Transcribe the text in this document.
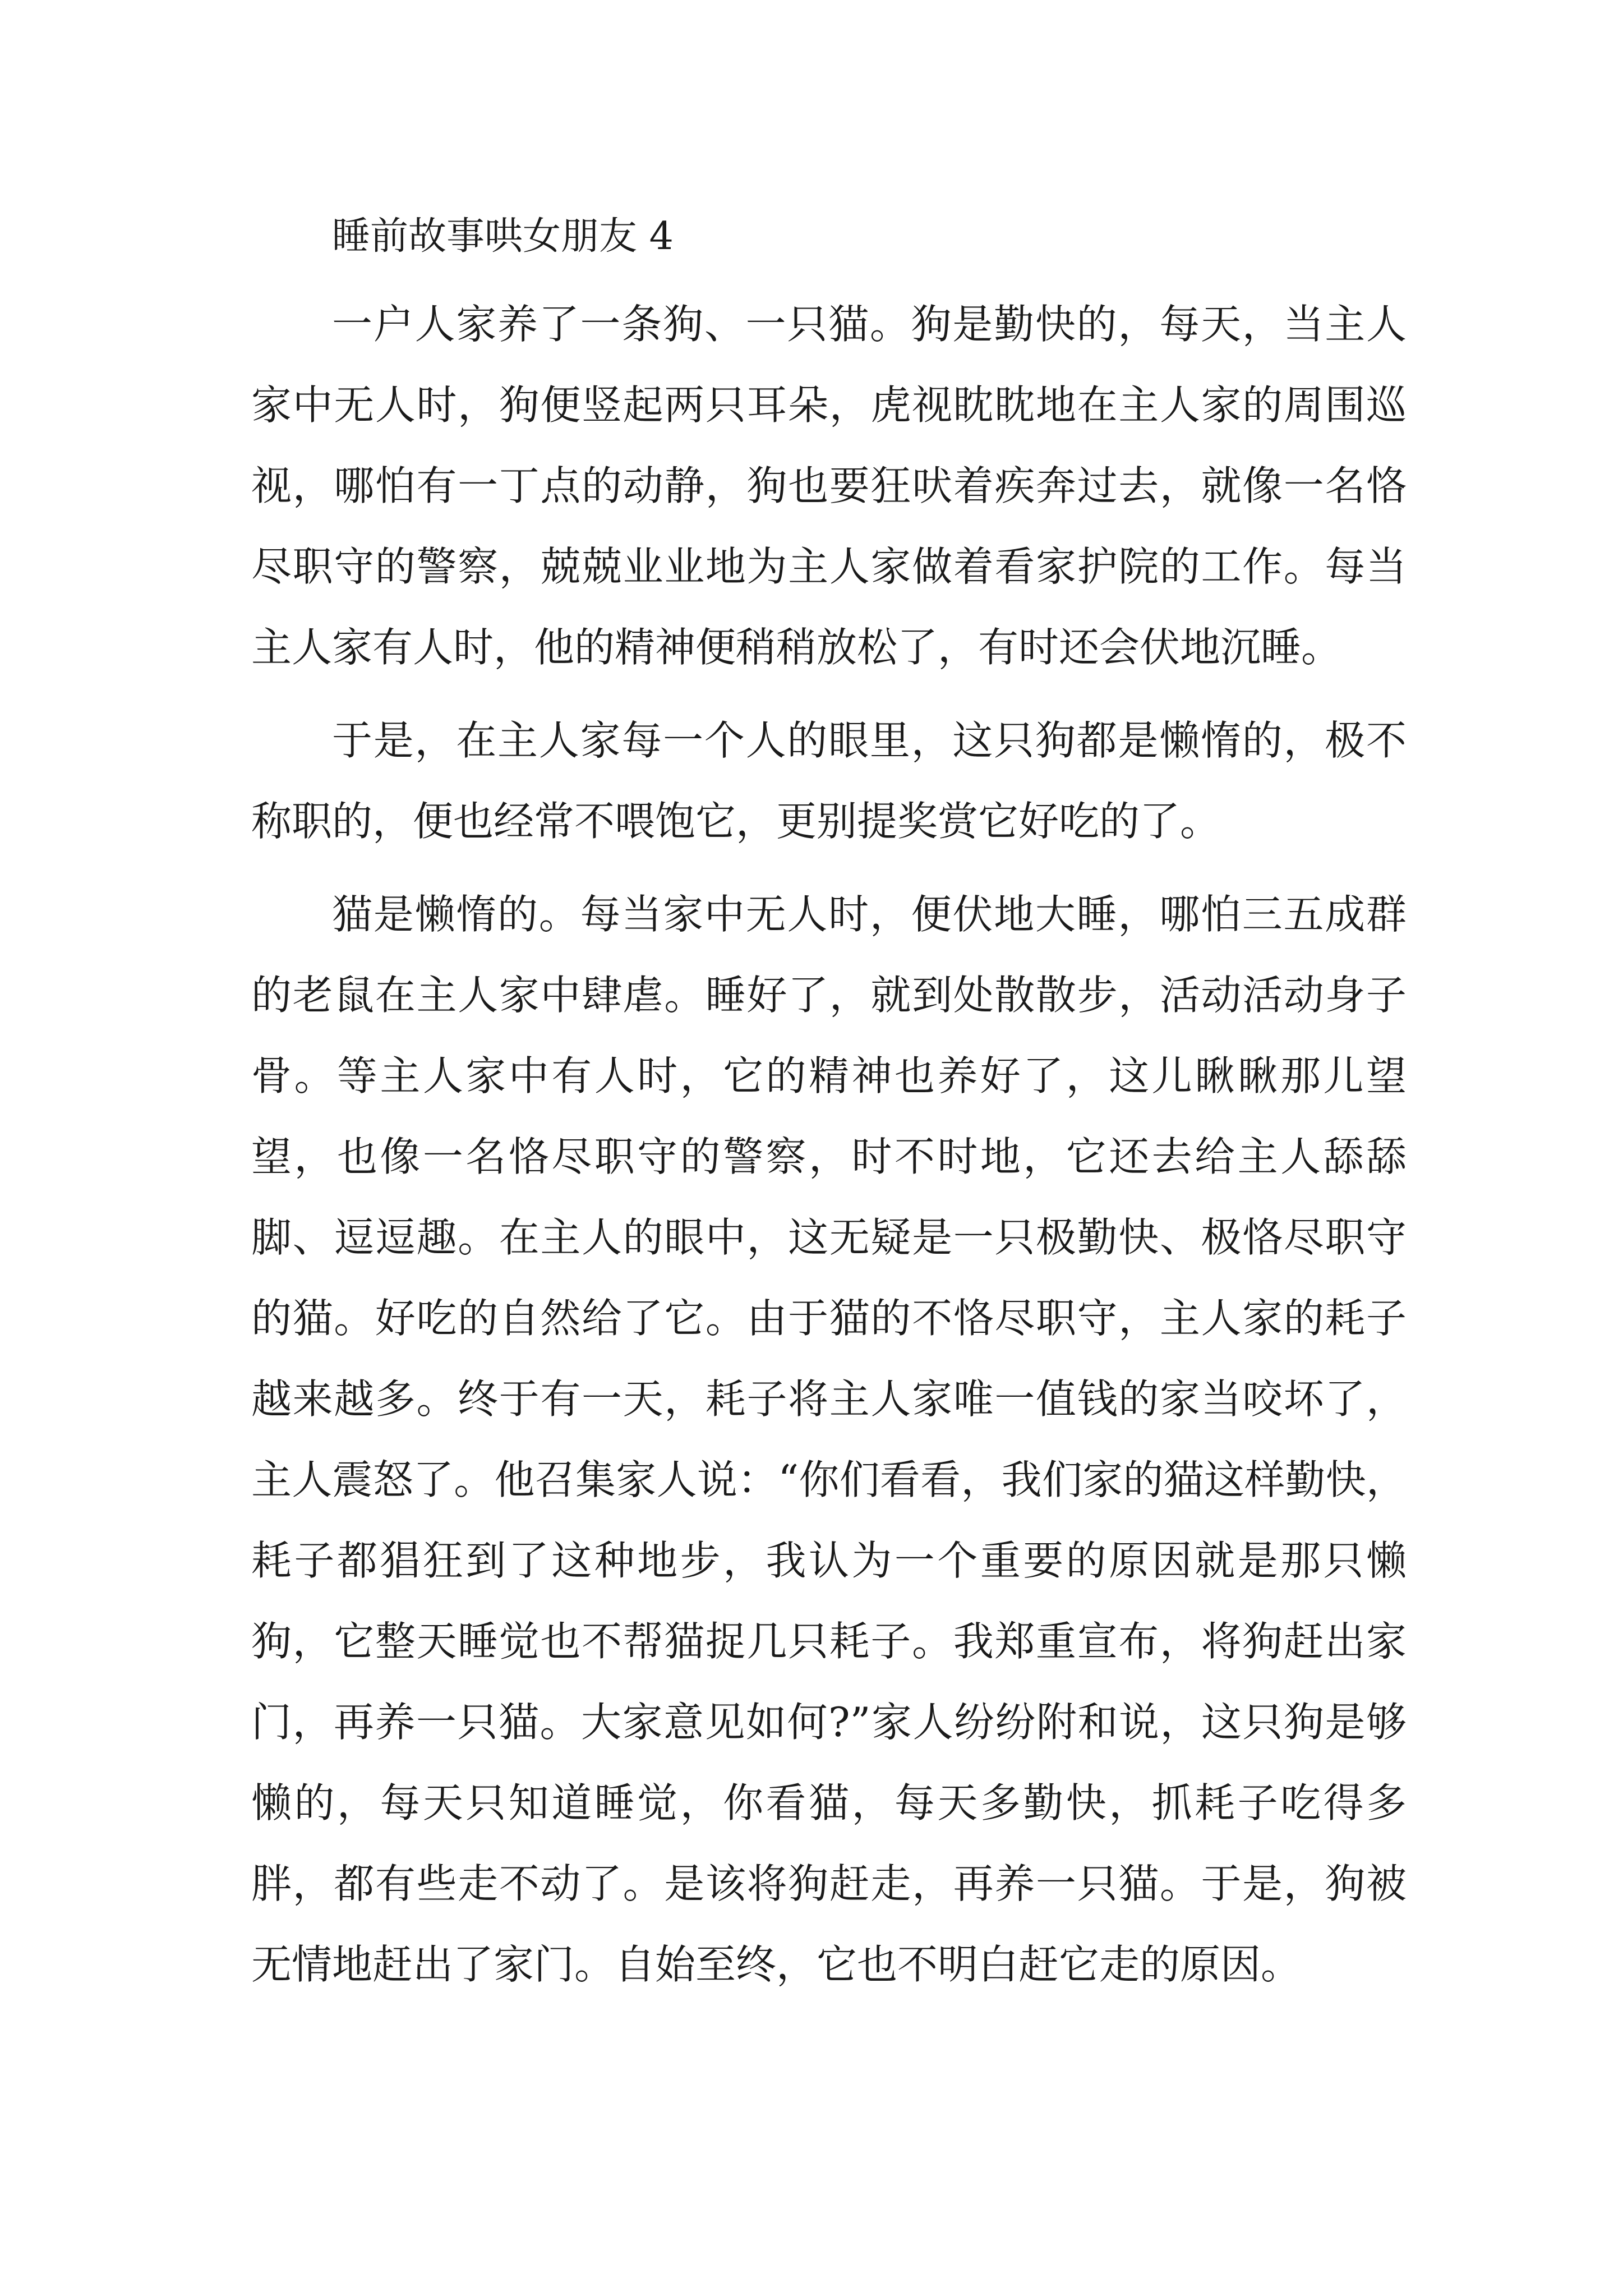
睡前故事哄女朋友 4

一户人家养了一条狗、一只猫。狗是勤快的，每天，当主人家中无人时，狗便竖起两只耳朵，虎视眈眈地在主人家的周围巡视，哪怕有一丁点的动静，狗也要狂吠着疾奔过去，就像一名恪尽职守的警察，兢兢业业地为主人家做着看家护院的工作。每当主人家有人时，他的精神便稍稍放松了，有时还会伏地沉睡。

于是，在主人家每一个人的眼里，这只狗都是懒惰的，极不称职的，便也经常不喂饱它，更别提奖赏它好吃的了。

猫是懒惰的。每当家中无人时，便伏地大睡，哪怕三五成群的老鼠在主人家中肆虐。睡好了，就到处散散步，活动活动身子骨。等主人家中有人时，它的精神也养好了，这儿瞅瞅那儿望望，也像一名恪尽职守的警察，时不时地，它还去给主人舔舔脚、逗逗趣。在主人的眼中，这无疑是一只极勤快、极恪尽职守的猫。好吃的自然给了它。由于猫的不恪尽职守，主人家的耗子越来越多。终于有一天，耗子将主人家唯一值钱的家当咬坏了，主人震怒了。他召集家人说：“你们看看，我们家的猫这样勤快，耗子都猖狂到了这种地步，我认为一个重要的原因就是那只懒狗，它整天睡觉也不帮猫捉几只耗子。我郑重宣布，将狗赶出家门，再养一只猫。大家意见如何?”家人纷纷附和说，这只狗是够懒的，每天只知道睡觉，你看猫，每天多勤快，抓耗子吃得多胖，都有些走不动了。是该将狗赶走，再养一只猫。于是，狗被无情地赶出了家门。自始至终，它也不明白赶它走的原因。
